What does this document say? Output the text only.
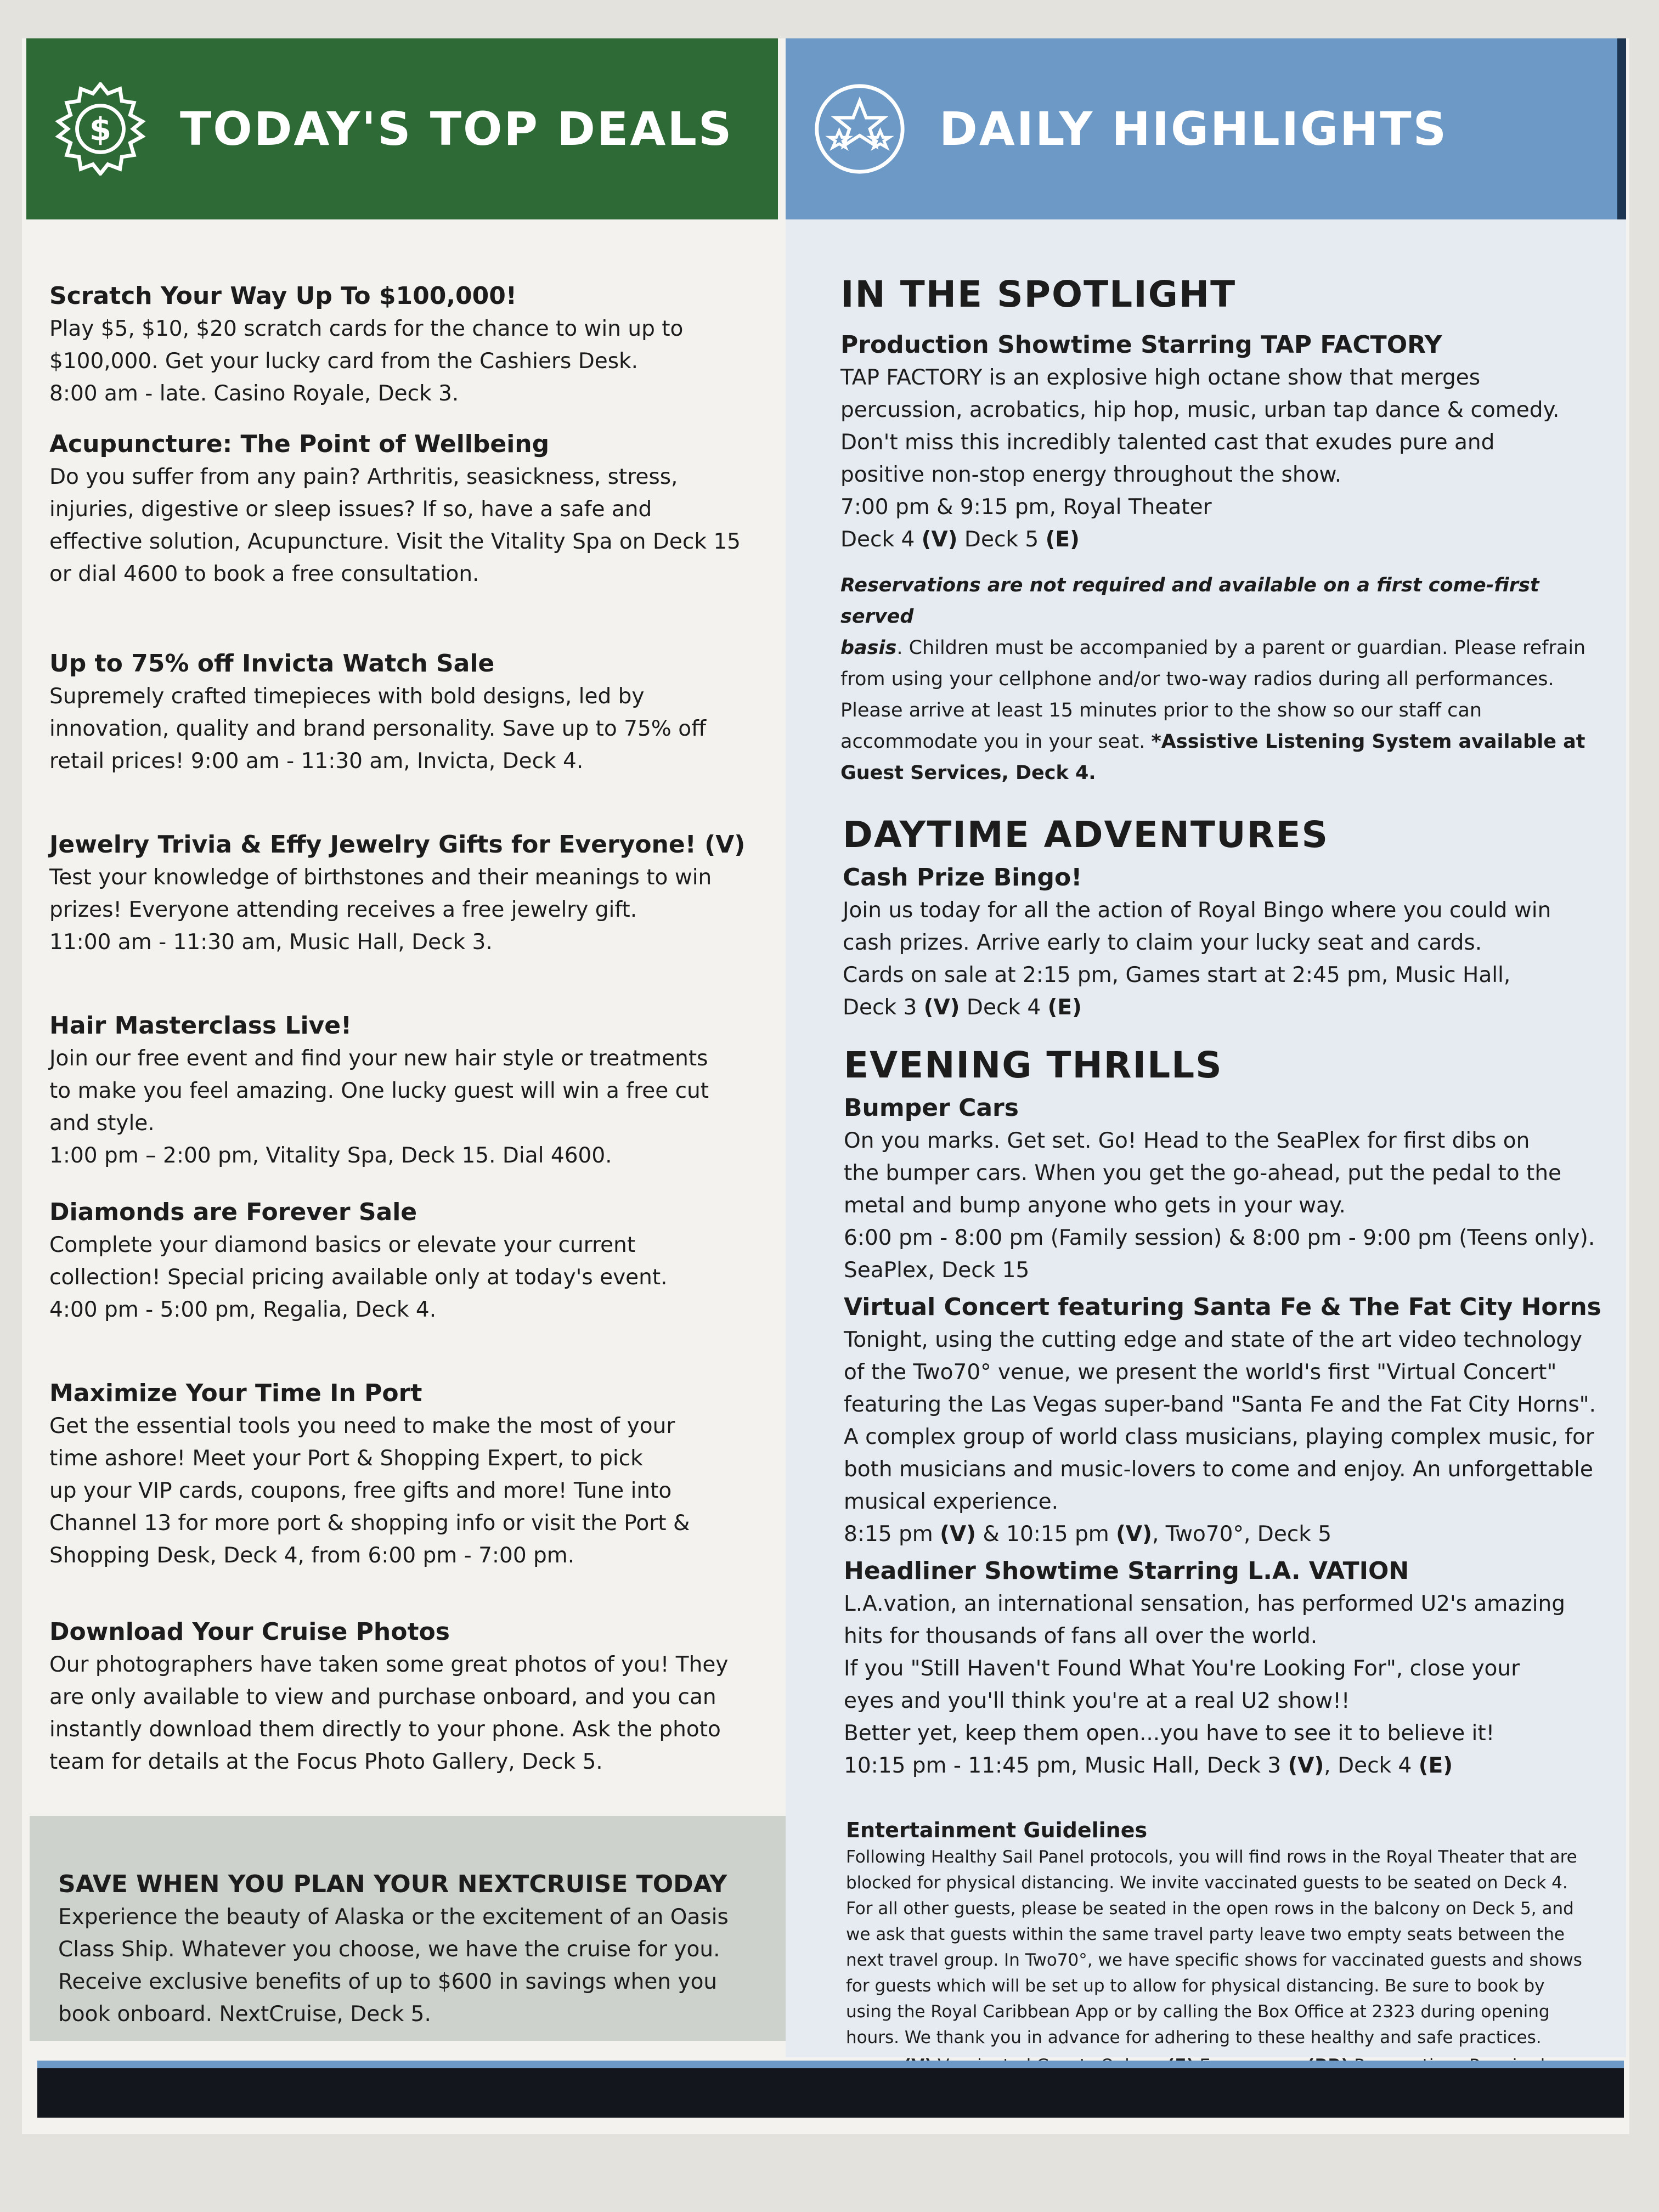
$ TODAY'S TOP DEALS	DAILY HIGHLIGHTS

Scratch Your Way Up To $100,000!

Play $5, $10, $20 scratch cards for the chance to win up to
$100,000. Get your lucky card from the Cashiers Desk.
8:00 am - late. Casino Royale, Deck 3.

Acupuncture: The Point of Wellbeing

Do you suffer from any pain? Arthritis, seasickness, stress,
injuries, digestive or sleep issues? If so, have a safe and
effective solution, Acupuncture. Visit the Vitality Spa on Deck 15
or dial 4600 to book a free consultation.

Up to 75% off Invicta Watch Sale

Supremely crafted timepieces with bold designs, led by
innovation, quality and brand personality. Save up to 75% off
retail prices! 9:00 am - 11:30 am, Invicta, Deck 4.

Jewelry Trivia & Effy Jewelry Gifts for Everyone! (V)

Test your knowledge of birthstones and their meanings to win
prizes! Everyone attending receives a free jewelry gift.
11:00 am - 11:30 am, Music Hall, Deck 3.

Hair Masterclass Live!

Join our free event and find your new hair style or treatments
to make you feel amazing. One lucky guest will win a free cut
and style.
1:00 pm – 2:00 pm, Vitality Spa, Deck 15. Dial 4600.

Diamonds are Forever Sale

Complete your diamond basics or elevate your current
collection! Special pricing available only at today's event.
4:00 pm - 5:00 pm, Regalia, Deck 4.

Maximize Your Time In Port

Get the essential tools you need to make the most of your
time ashore! Meet your Port & Shopping Expert, to pick
up your VIP cards, coupons, free gifts and more! Tune into
Channel 13 for more port & shopping info or visit the Port &
Shopping Desk, Deck 4, from 6:00 pm - 7:00 pm.

Download Your Cruise Photos

Our photographers have taken some great photos of you! They
are only available to view and purchase onboard, and you can
instantly download them directly to your phone. Ask the photo
team for details at the Focus Photo Gallery, Deck 5.

SAVE WHEN YOU PLAN YOUR NEXTCRUISE TODAY

Experience the beauty of Alaska or the excitement of an Oasis
Class Ship. Whatever you choose, we have the cruise for you.
Receive exclusive benefits of up to $600 in savings when you
book onboard. NextCruise, Deck 5.

IN THE SPOTLIGHT

Production Showtime Starring TAP FACTORY

TAP FACTORY is an explosive high octane show that merges
percussion, acrobatics, hip hop, music, urban tap dance & comedy.
Don't miss this incredibly talented cast that exudes pure and
positive non-stop energy throughout the show.
7:00 pm & 9:15 pm, Royal Theater
Deck 4 (V) Deck 5 (E)

Reservations are not required and available on a first come-first served
basis. Children must be accompanied by a parent or guardian. Please refrain
from using your cellphone and/or two-way radios during all performances.
Please arrive at least 15 minutes prior to the show so our staff can
accommodate you in your seat. *Assistive Listening System available at
Guest Services, Deck 4.

DAYTIME ADVENTURES

Cash Prize Bingo!

Join us today for all the action of Royal Bingo where you could win
cash prizes. Arrive early to claim your lucky seat and cards.
Cards on sale at 2:15 pm, Games start at 2:45 pm, Music Hall,
Deck 3 (V) Deck 4 (E)

EVENING THRILLS

Bumper Cars

On you marks. Get set. Go! Head to the SeaPlex for first dibs on
the bumper cars. When you get the go-ahead, put the pedal to the
metal and bump anyone who gets in your way.
6:00 pm - 8:00 pm (Family session) & 8:00 pm - 9:00 pm (Teens only).
SeaPlex, Deck 15

Virtual Concert featuring Santa Fe & The Fat City Horns

Tonight, using the cutting edge and state of the art video technology
of the Two70° venue, we present the world's first "Virtual Concert"
featuring the Las Vegas super-band "Santa Fe and the Fat City Horns".
A complex group of world class musicians, playing complex music, for
both musicians and music-lovers to come and enjoy. An unforgettable
musical experience.
8:15 pm (V) & 10:15 pm (V), Two70°, Deck 5

Headliner Showtime Starring L.A. VATION

L.A.vation, an international sensation, has performed U2's amazing
hits for thousands of fans all over the world.
If you "Still Haven't Found What You're Looking For", close your
eyes and you'll think you're at a real U2 show!!
Better yet, keep them open...you have to see it to believe it!
10:15 pm - 11:45 pm, Music Hall, Deck 3 (V), Deck 4 (E)

Entertainment Guidelines

Following Healthy Sail Panel protocols, you will find rows in the Royal Theater that are
blocked for physical distancing. We invite vaccinated guests to be seated on Deck 4.
For all other guests, please be seated in the open rows in the balcony on Deck 5, and
we ask that guests within the same travel party leave two empty seats between the
next travel group. In Two70°, we have specific shows for vaccinated guests and shows
for guests which will be set up to allow for physical distancing. Be sure to book by
using the Royal Caribbean App or by calling the Box Office at 2323 during opening
hours. We thank you in advance for adhering to these healthy and safe practices.
